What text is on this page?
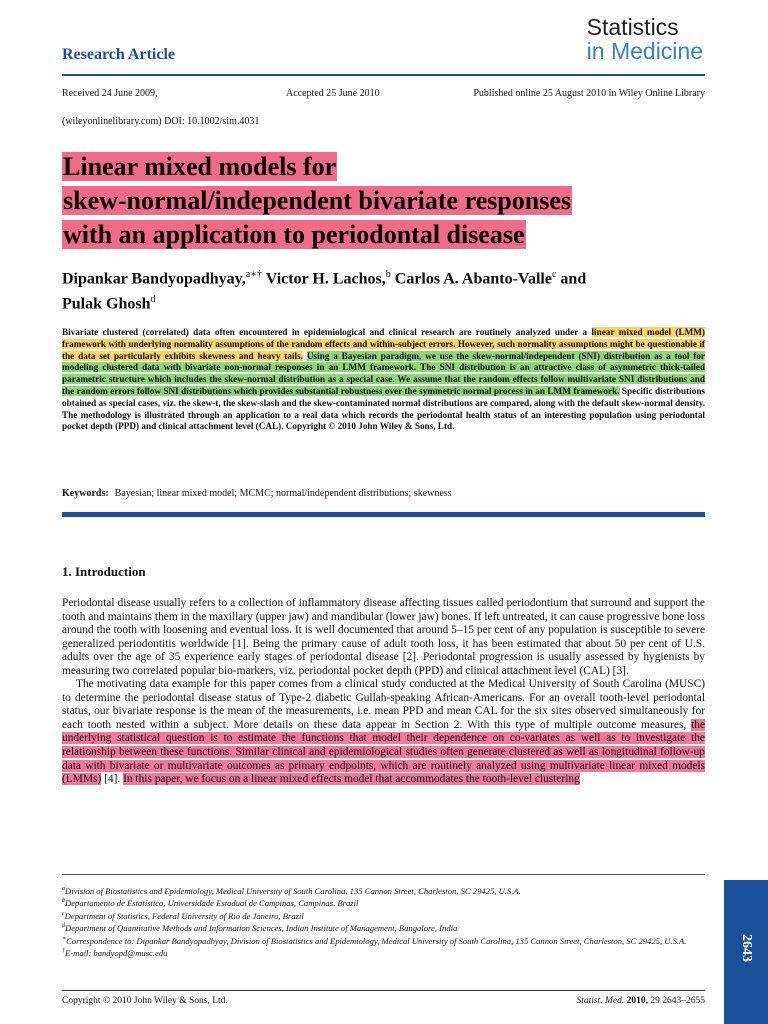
Research Article
Statistics
in Medicine
Received 24 June 2009,	Accepted 25 June 2010	Published online 25 August 2010 in Wiley Online Library
(wileyonlinelibrary.com) DOI: 10.1002/sim.4031
Linear mixed models for
skew-normal/independent bivariate responses
with an application to periodontal disease
Dipankar Bandyopadhyay,$^{a∗\dagger}$ Victor H. Lachos,$^b$ Carlos A. Abanto-Valle$^c$ and
Pulak Ghosh$^d$
Bivariate clustered (correlated) data often encountered in epidemiological and clinical research are routinely analyzed under a linear mixed model (LMM) framework with underlying normality assumptions of the random effects and within-subject errors. However, such normality assumptions might be questionable if the data set particularly exhibits skewness and heavy tails. Using a Bayesian paradigm, we use the skew-normal/independent (SNI) distribution as a tool for modeling clustered data with bivariate non-normal responses in an LMM framework. The SNI distribution is an attractive class of asymmetric thick-tailed parametric structure which includes the skew-normal distribution as a special case. We assume that the random effects follow multivariate SNI distributions and the random errors follow SNI distributions which provides substantial robustness over the symmetric normal process in an LMM framework. Specific distributions obtained as special cases, viz. the skew-t, the skew-slash and the skew-contaminated normal distributions are compared, along with the default skew-normal density. The methodology is illustrated through an application to a real data which records the periodontal health status of an interesting population using periodontal pocket depth (PPD) and clinical attachment level (CAL). Copyright © 2010 John Wiley & Sons, Ltd.
Keywords: Bayesian; linear mixed model; MCMC; normal/independent distributions; skewness
1. Introduction

Periodontal disease usually refers to a collection of inflammatory disease affecting tissues called periodontium that surround and support the tooth and maintains them in the maxillary (upper jaw) and mandibular (lower jaw) bones. If left untreated, it can cause progressive bone loss around the tooth with loosening and eventual loss. It is well documented that around 5–15 per cent of any population is susceptible to severe generalized periodontitis worldwide [1]. Being the primary cause of adult tooth loss, it has been estimated that about 50 per cent of U.S. adults over the age of 35 experience early stages of periodontal disease [2]. Periodontal progression is usually assessed by hygienists by measuring two correlated popular bio-markers, viz. periodontal pocket depth (PPD) and clinical attachment level (CAL) [3].

The motivating data example for this paper comes from a clinical study conducted at the Medical University of South Carolina (MUSC) to determine the periodontal disease status of Type-2 diabetic Gullah-speaking African-Americans. For an overall tooth-level periodontal status, our bivariate response is the mean of the measurements, i.e. mean PPD and mean CAL for the six sites observed simultaneously for each tooth nested within a subject. More details on these data appear in Section 2. With this type of multiple outcome measures, the underlying statistical question is to estimate the functions that model their dependence on co-variates as well as to investigate the relationship between these functions. Similar clinical and epidemiological studies often generate clustered as well as longitudinal follow-up data with bivariate or multivariate outcomes as primary endpoints, which are routinely analyzed using multivariate linear mixed models (LMMs) [4]. In this paper, we focus on a linear mixed effects model that accommodates the tooth-level clustering

$^a$Division of Biostatistics and Epidemiology, Medical University of South Carolina, 135 Cannon Street, Charleston, SC 29425, U.S.A.
$^b$Departamento de Estatística, Universidade Estadual de Campinas, Campinas, Brazil
$^c$Department of Statistics, Federal University of Rio de Janeiro, Brazil
$^d$Department of Quantitative Methods and Information Sciences, Indian Institute of Management, Bangalore, India
∗Correspondence to: Dipankar Bandyopadhyay, Division of Biostatistics and Epidemiology, Medical University of South Carolina, 135 Cannon Street, Charleston, SC 29425, U.S.A.
†E-mail: bandyopd@musc.edu	2643
Copyright © 2010 John Wiley & Sons, Ltd.	Statist. Med. 2010, 29 2643–2655
